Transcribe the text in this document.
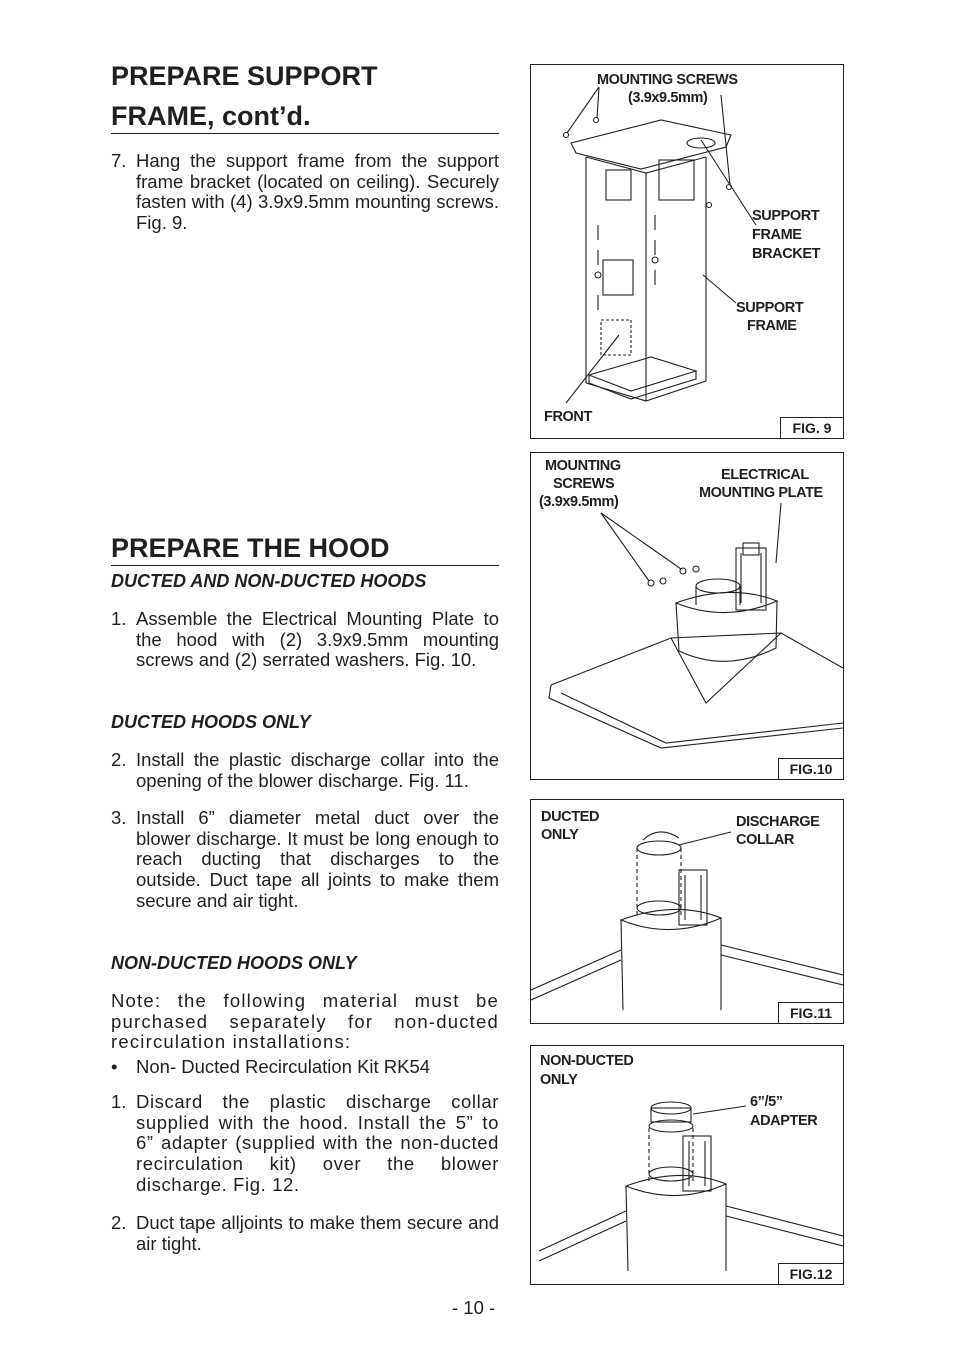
PREPARE SUPPORT
FRAME, cont’d.
7. Hang the support frame from the support frame bracket (located on ceiling). Securely fasten with (4) 3.9x9.5mm mounting screws. Fig. 9.
PREPARE THE HOOD

DUCTED AND NON-DUCTED HOODS

1. Assemble the Electrical Mounting Plate to the hood with (2) 3.9x9.5mm mounting screws and (2) serrated washers. Fig. 10.

DUCTED HOODS ONLY

2. Install the plastic discharge collar into the opening of the blower discharge. Fig. 11.
3. Install 6” diameter metal duct over the blower discharge. It must be long enough to reach ducting that discharges to the outside. Duct tape all joints to make them secure and air tight.

NON-DUCTED HOODS ONLY

Note: the following material must be purchased separately for non-ducted recirculation installations:
• Non- Ducted Recirculation Kit RK54
1. Discard the plastic discharge collar supplied with the hood. Install the 5” to 6” adapter (supplied with the non-ducted recirculation kit) over the blower discharge. Fig. 12.
2. Duct tape alljoints to make them secure and air tight.
- 10 -
MOUNTING SCREWS
(3.9x9.5mm)
SUPPORT
FRAME
BRACKET
SUPPORT
FRAME
FRONT
FIG. 9
MOUNTING
SCREWS
(3.9x9.5mm)
ELECTRICAL
MOUNTING PLATE
FIG.10
DUCTED
ONLY
DISCHARGE
COLLAR
FIG.11
NON-DUCTED
ONLY
6”/5”
ADAPTER
FIG.12
